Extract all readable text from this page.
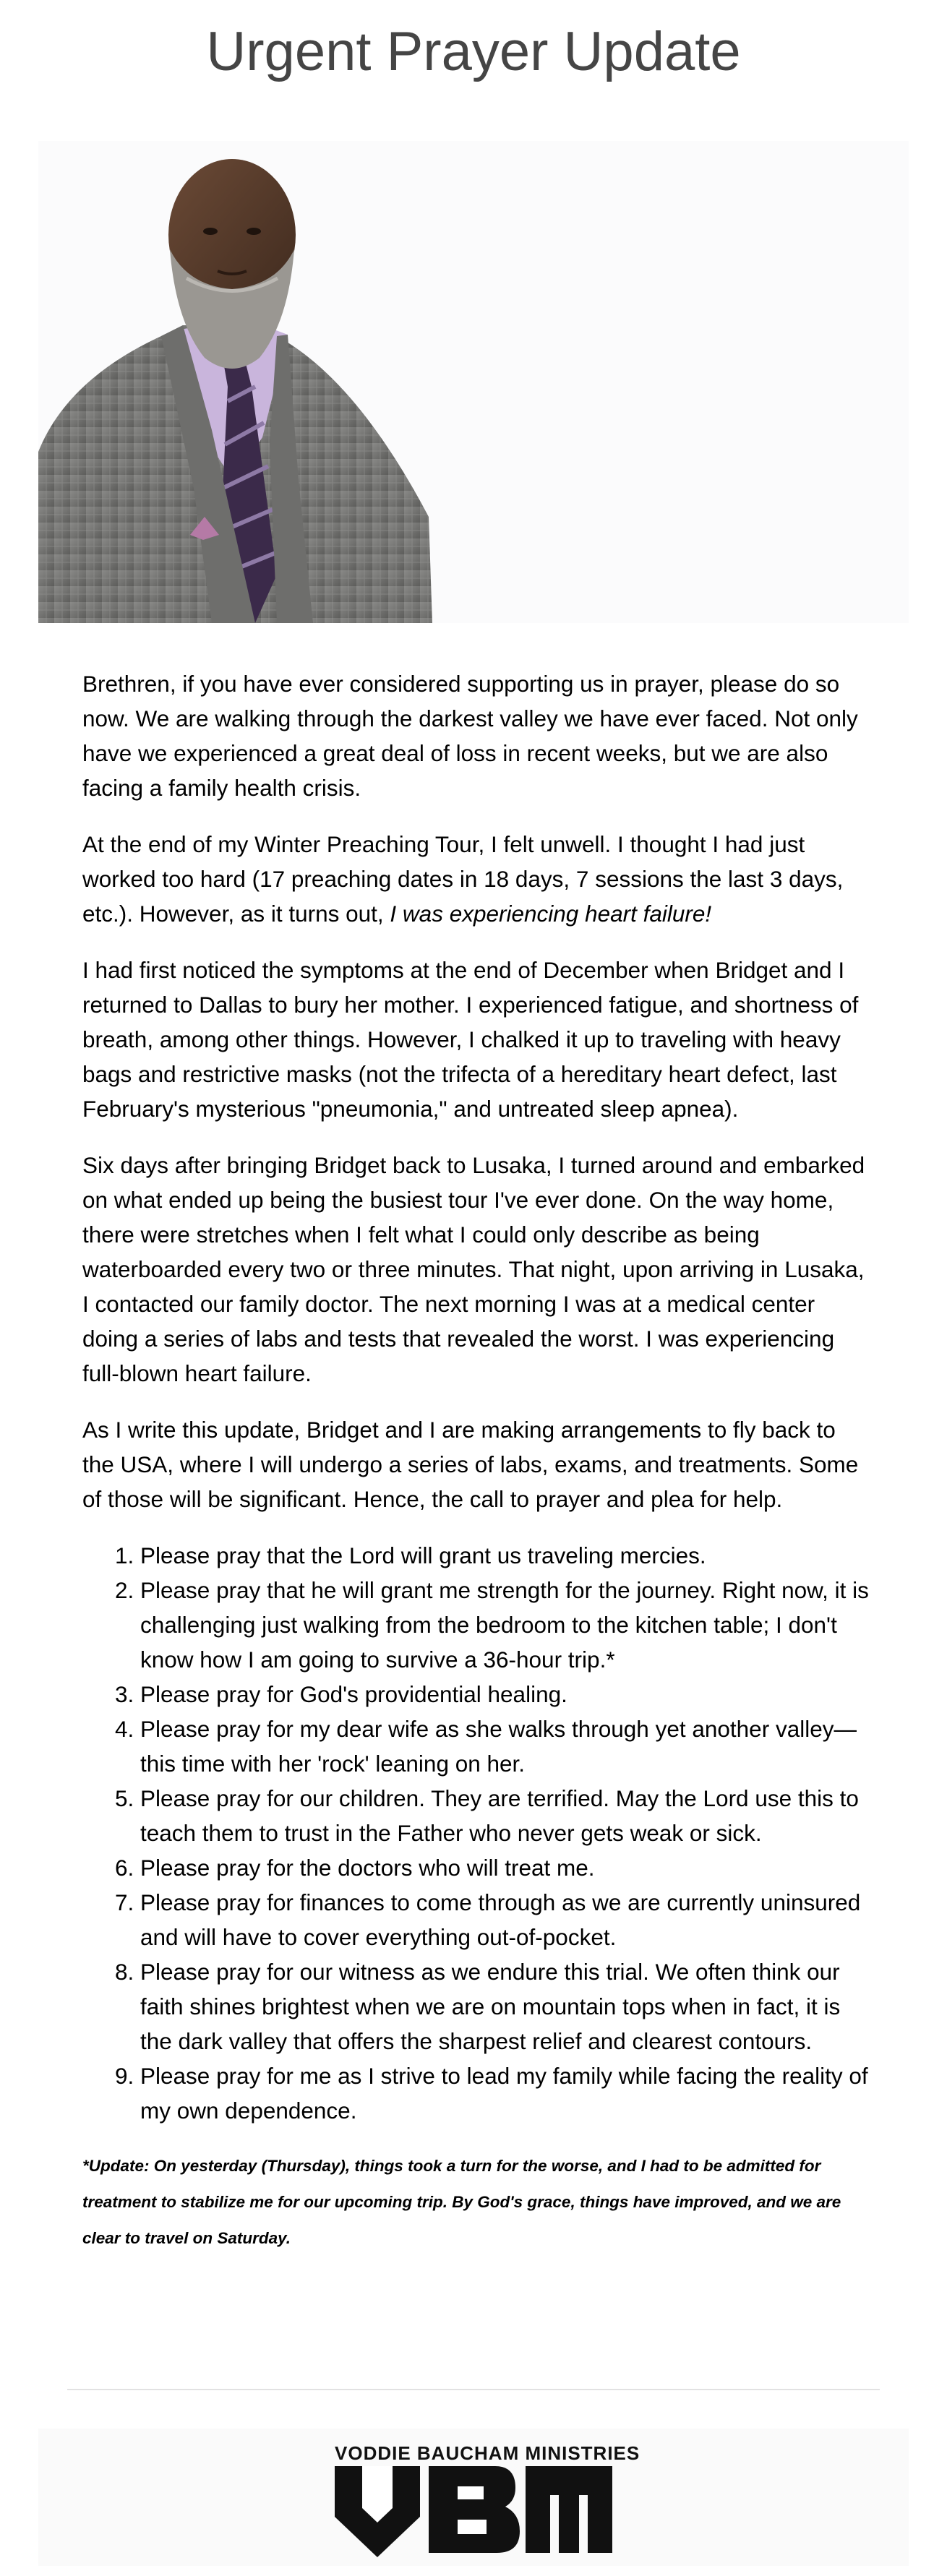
Urgent Prayer Update

Brethren, if you have ever considered supporting us in prayer, please do so now. We are walking through the darkest valley we have ever faced. Not only have we experienced a great deal of loss in recent weeks, but we are also facing a family health crisis.

At the end of my Winter Preaching Tour, I felt unwell. I thought I had just worked too hard (17 preaching dates in 18 days, 7 sessions the last 3 days, etc.). However, as it turns out, I was experiencing heart failure!

I had first noticed the symptoms at the end of December when Bridget and I returned to Dallas to bury her mother. I experienced fatigue, and shortness of breath, among other things. However, I chalked it up to traveling with heavy bags and restrictive masks (not the trifecta of a hereditary heart defect, last February's mysterious "pneumonia," and untreated sleep apnea).

Six days after bringing Bridget back to Lusaka, I turned around and embarked on what ended up being the busiest tour I've ever done. On the way home, there were stretches when I felt what I could only describe as being waterboarded every two or three minutes. That night, upon arriving in Lusaka, I contacted our family doctor. The next morning I was at a medical center doing a series of labs and tests that revealed the worst. I was experiencing full-blown heart failure.

As I write this update, Bridget and I are making arrangements to fly back to the USA, where I will undergo a series of labs, exams, and treatments. Some of those will be significant. Hence, the call to prayer and plea for help.

1. Please pray that the Lord will grant us traveling mercies.
2. Please pray that he will grant me strength for the journey. Right now, it is challenging just walking from the bedroom to the kitchen table; I don't know how I am going to survive a 36-hour trip.*
3. Please pray for God's providential healing.
4. Please pray for my dear wife as she walks through yet another valley—this time with her 'rock' leaning on her.
5. Please pray for our children. They are terrified. May the Lord use this to teach them to trust in the Father who never gets weak or sick.
6. Please pray for the doctors who will treat me.
7. Please pray for finances to come through as we are currently uninsured and will have to cover everything out-of-pocket.
8. Please pray for our witness as we endure this trial. We often think our faith shines brightest when we are on mountain tops when in fact, it is the dark valley that offers the sharpest relief and clearest contours.
9. Please pray for me as I strive to lead my family while facing the reality of my own dependence.

*Update: On yesterday (Thursday), things took a turn for the worse, and I had to be admitted for treatment to stabilize me for our upcoming trip. By God's grace, things have improved, and we are clear to travel on Saturday.

VODDIE BAUCHAM MINISTRIES
